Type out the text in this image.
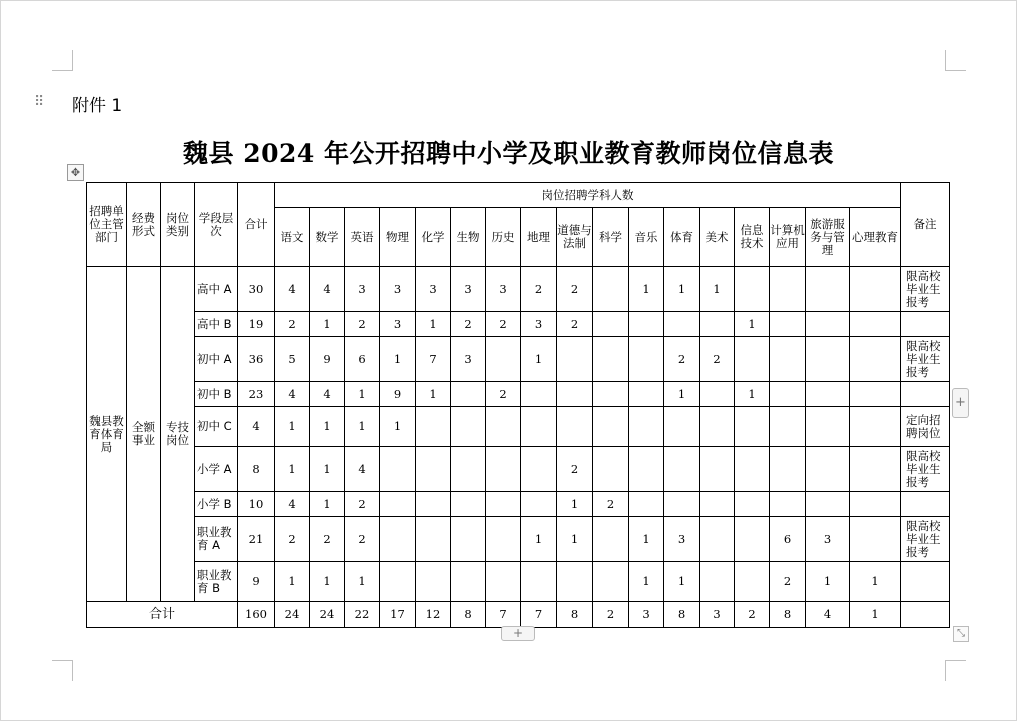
⠿ 附件 1
魏县 2024 年公开招聘中小学及职业教育教师岗位信息表
✥
招聘单位主管部门	经费形式	岗位类别	学段层次	合计	岗位招聘学科人数																	备注
					语文	数学	英语	物理	化学	生物	历史	地理	道德与法制	科学	音乐	体育	美术	信息技术	计算机应用	旅游服务与管理	心理教育	
魏县教育体育局	全额事业	专技岗位	高中 A	30	4	4	3	3	3	3	3	2	2		1	1	1					限高校毕业生报考
			高中 B	19	2	1	2	3	1	2	2	3	2					1				
			初中 A	36	5	9	6	1	7	3		1				2	2					限高校毕业生报考
			初中 B	23	4	4	1	9	1		2					1		1				
			初中 C	4	1	1	1	1														定向招聘岗位
			小学 A	8	1	1	4						2									限高校毕业生报考
			小学 B	10	4	1	2						1	2								
			职业教育 A	21	2	2	2					1	1		1	3			6	3		限高校毕业生报考
			职业教育 B	9	1	1	1								1	1			2	1	1	
合计				160	24	24	22	17	12	8	7	7	8	2	3	8	3	2	8	4	1	
+
+	⤡
